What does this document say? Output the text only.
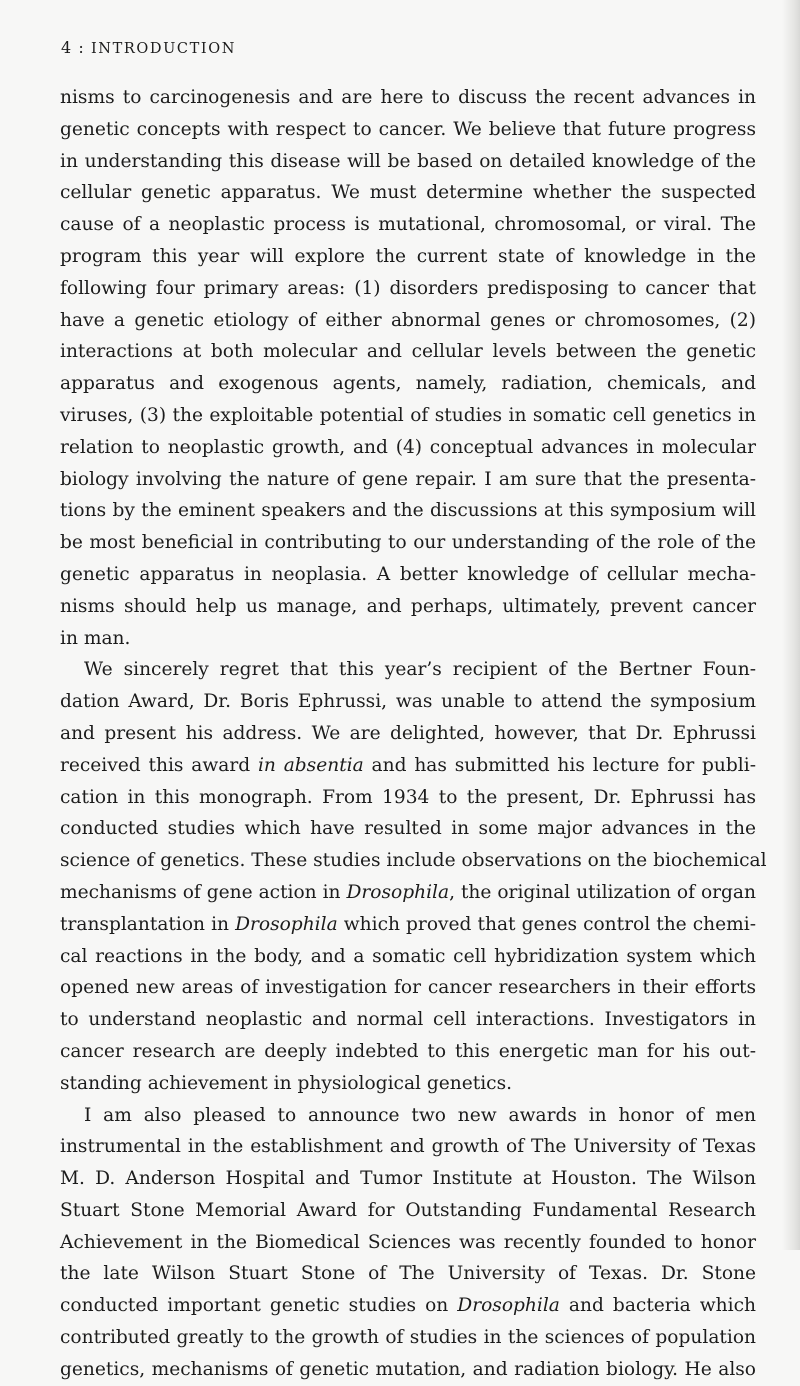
4 : INTRODUCTION
nisms to carcinogenesis and are here to discuss the recent advances in
genetic concepts with respect to cancer. We believe that future progress
in understanding this disease will be based on detailed knowledge of the
cellular genetic apparatus. We must determine whether the suspected
cause of a neoplastic process is mutational, chromosomal, or viral. The
program this year will explore the current state of knowledge in the
following four primary areas: (1) disorders predisposing to cancer that
have a genetic etiology of either abnormal genes or chromosomes, (2)
interactions at both molecular and cellular levels between the genetic
apparatus and exogenous agents, namely, radiation, chemicals, and
viruses, (3) the exploitable potential of studies in somatic cell genetics in
relation to neoplastic growth, and (4) conceptual advances in molecular
biology involving the nature of gene repair. I am sure that the presenta-
tions by the eminent speakers and the discussions at this symposium will
be most beneficial in contributing to our understanding of the role of the
genetic apparatus in neoplasia. A better knowledge of cellular mecha-
nisms should help us manage, and perhaps, ultimately, prevent cancer
in man.
We sincerely regret that this year’s recipient of the Bertner Foun-
dation Award, Dr. Boris Ephrussi, was unable to attend the symposium
and present his address. We are delighted, however, that Dr. Ephrussi
received this award in absentia and has submitted his lecture for publi-
cation in this monograph. From 1934 to the present, Dr. Ephrussi has
conducted studies which have resulted in some major advances in the
science of genetics. These studies include observations on the biochemical
mechanisms of gene action in Drosophila, the original utilization of organ
transplantation in Drosophila which proved that genes control the chemi-
cal reactions in the body, and a somatic cell hybridization system which
opened new areas of investigation for cancer researchers in their efforts
to understand neoplastic and normal cell interactions. Investigators in
cancer research are deeply indebted to this energetic man for his out-
standing achievement in physiological genetics.
I am also pleased to announce two new awards in honor of men
instrumental in the establishment and growth of The University of Texas
M. D. Anderson Hospital and Tumor Institute at Houston. The Wilson
Stuart Stone Memorial Award for Outstanding Fundamental Research
Achievement in the Biomedical Sciences was recently founded to honor
the late Wilson Stuart Stone of The University of Texas. Dr. Stone
conducted important genetic studies on Drosophila and bacteria which
contributed greatly to the growth of studies in the sciences of population
genetics, mechanisms of genetic mutation, and radiation biology. He also
